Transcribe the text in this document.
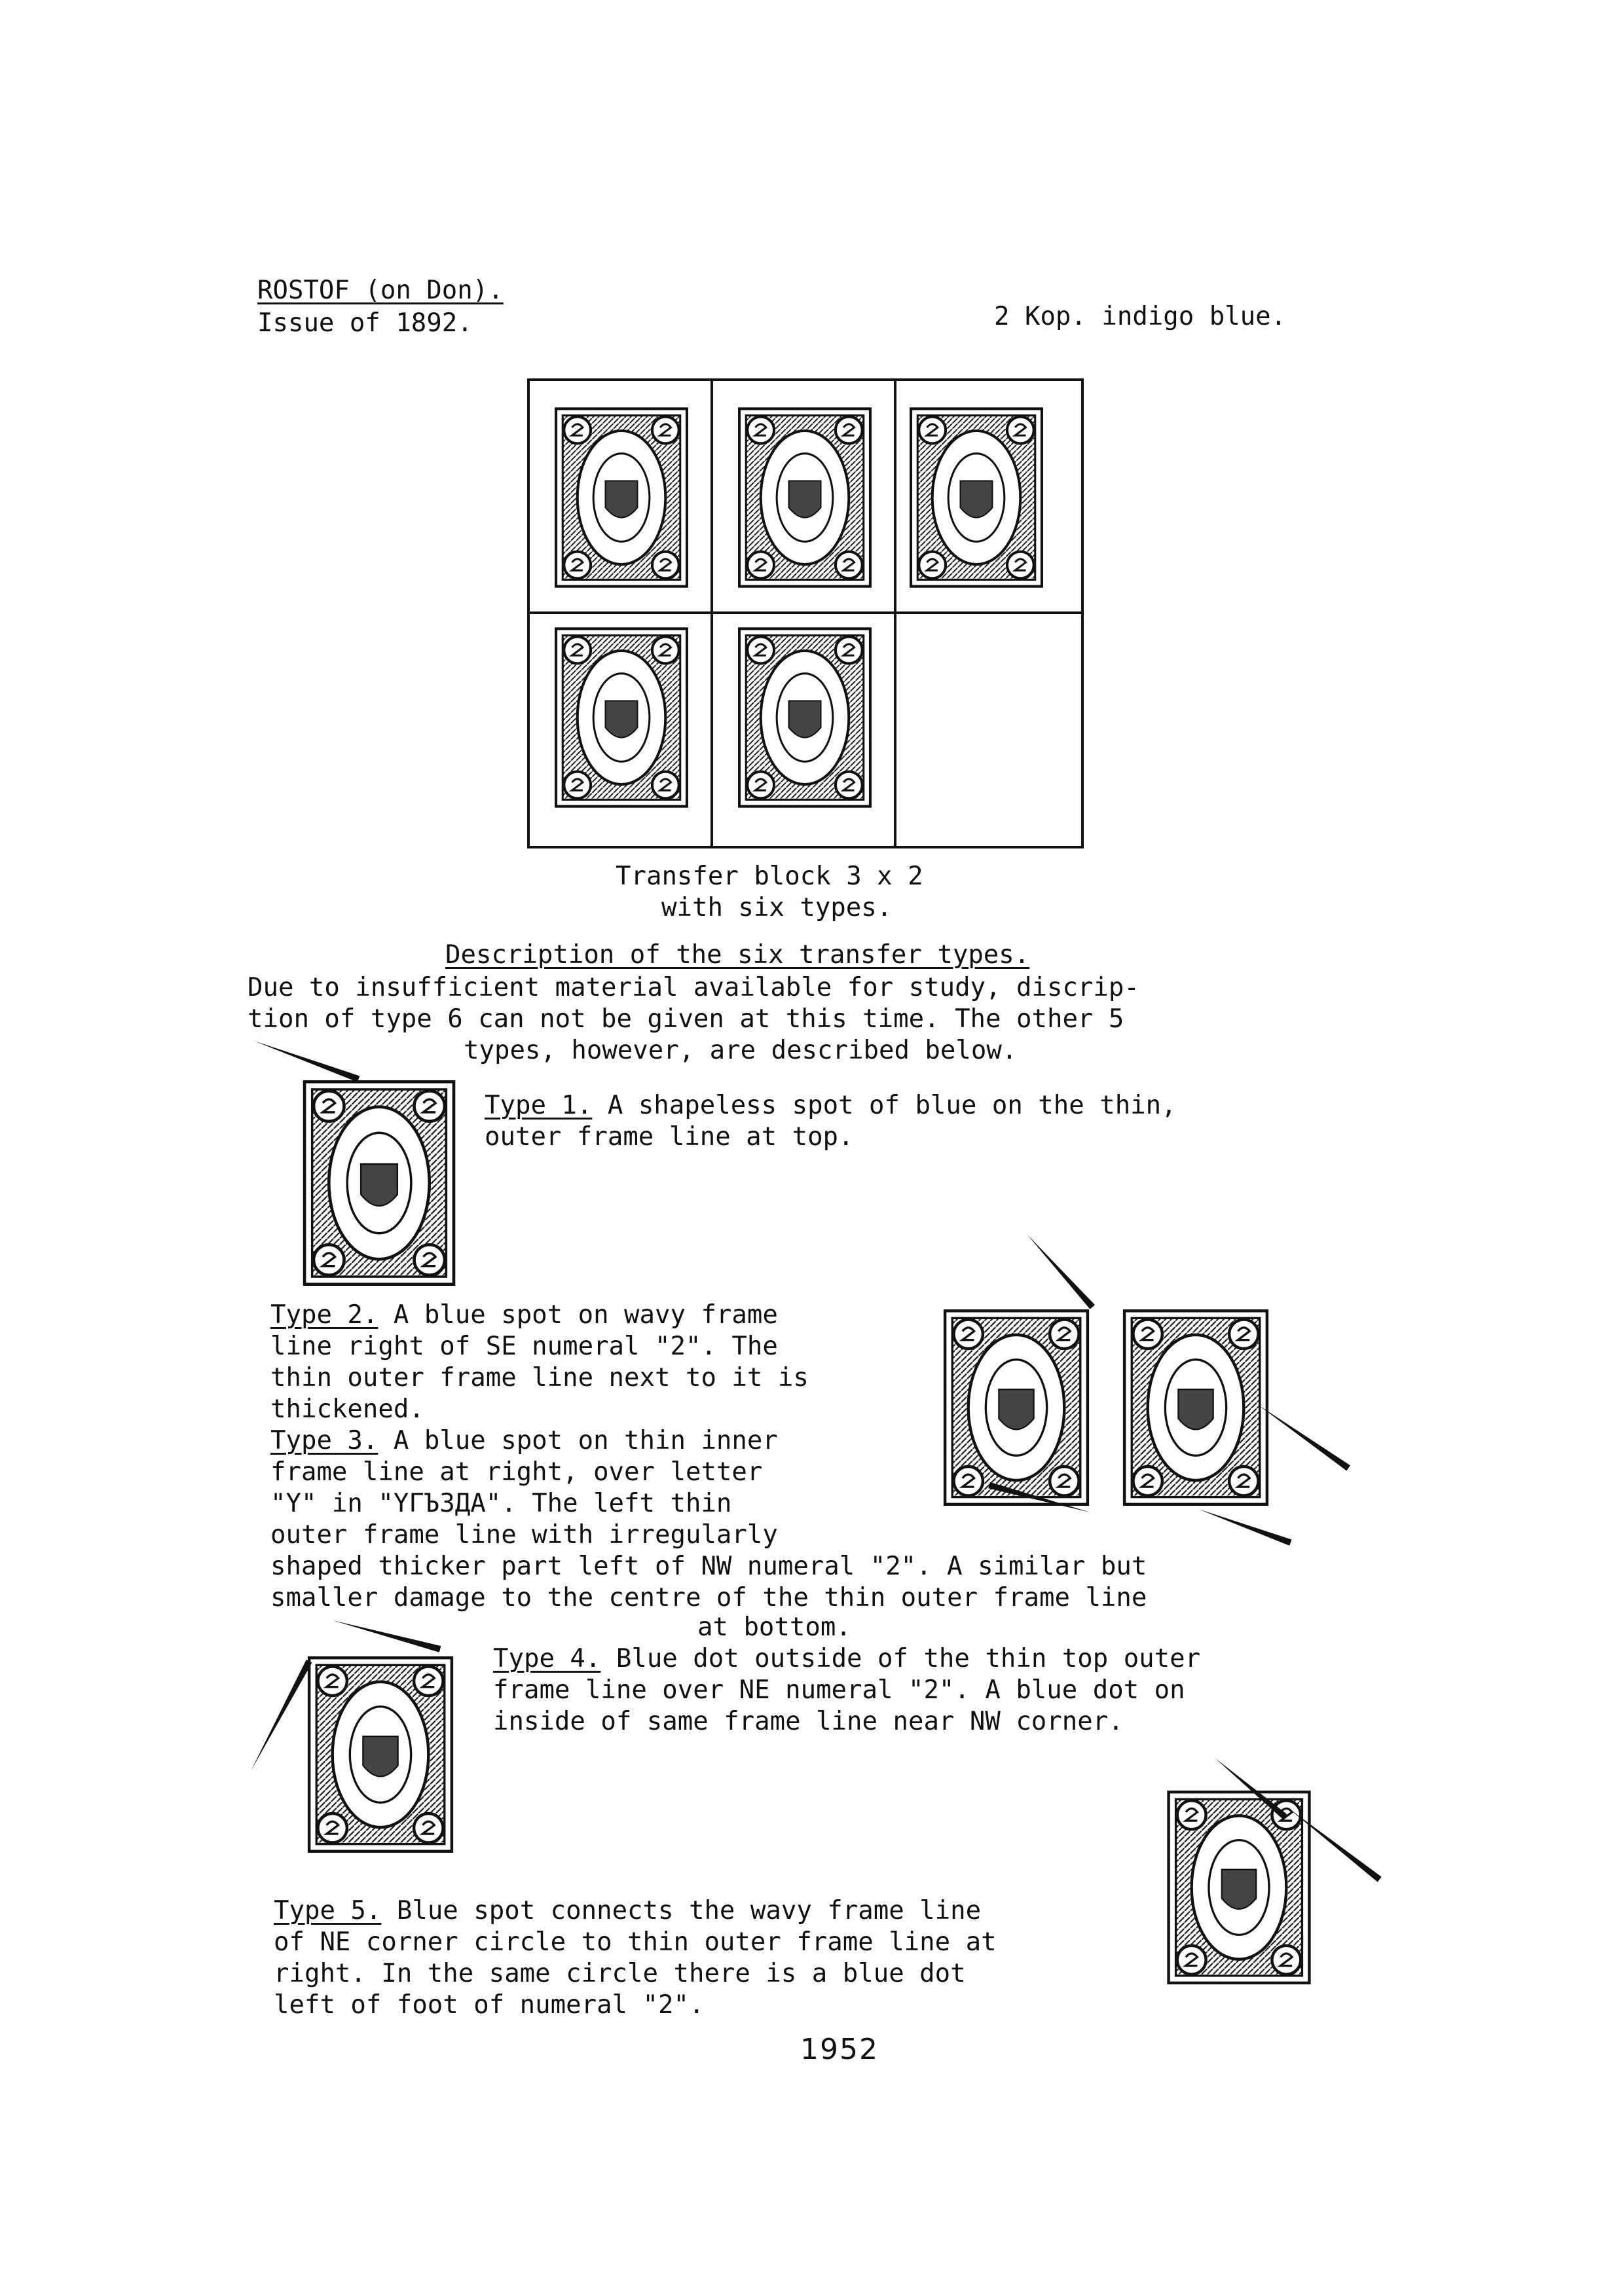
ROSTOF (on Don).
Issue of 1892.	2 Kop. indigo blue.
Transfer block 3 x 2
with six types.
Description of the six transfer types.
Due to insufficient material available for study, discrip-
tion of type 6 can not be given at this time. The other 5
types, however, are described below.
Type 1. A shapeless spot of blue on the thin,
outer frame line at top.
Type 2. A blue spot on wavy frame
line right of SE numeral "2". The
thin outer frame line next to it is
thickened.
Type 3. A blue spot on thin inner
frame line at right, over letter
"Y" in "YГЪЗДА". The left thin
outer frame line with irregularly
shaped thicker part left of NW numeral "2". A similar but
smaller damage to the centre of the thin outer frame line
at bottom.
Type 4. Blue dot outside of the thin top outer
frame line over NE numeral "2". A blue dot on
inside of same frame line near NW corner.
Type 5. Blue spot connects the wavy frame line
of NE corner circle to thin outer frame line at
right. In the same circle there is a blue dot
left of foot of numeral "2".
1952
